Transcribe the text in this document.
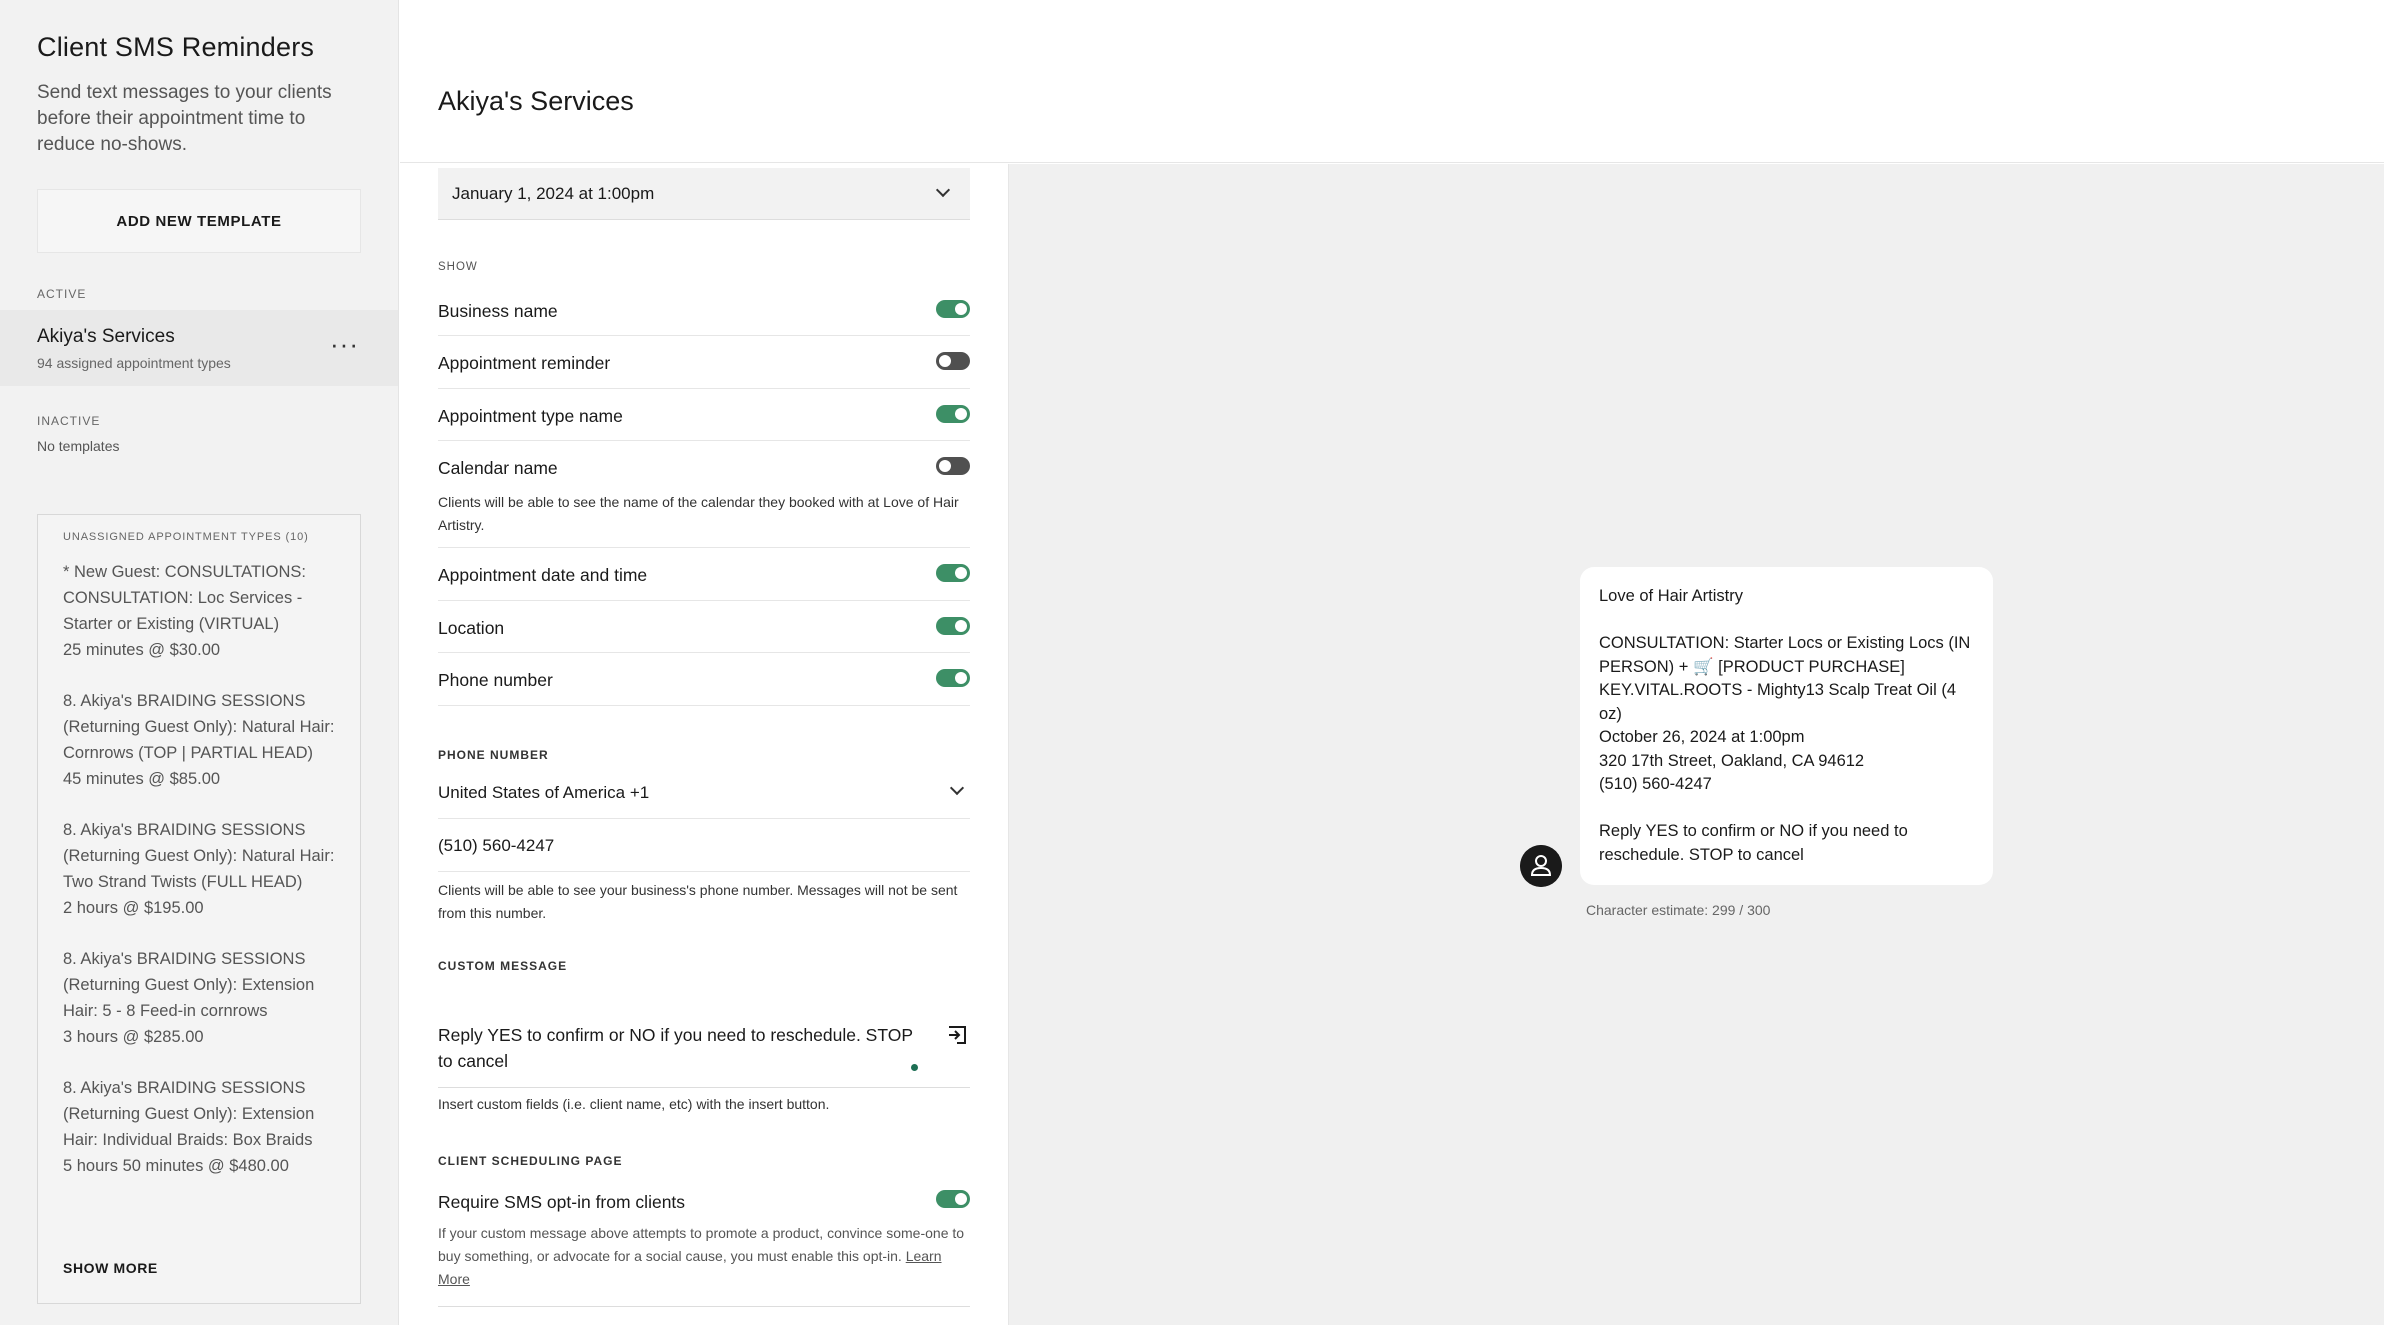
Client SMS Reminders
Send text messages to your clients before their appointment time to reduce no-shows.
ADD NEW TEMPLATE
ACTIVE
Akiya's Services
94 assigned appointment types
···
INACTIVE
No templates
UNASSIGNED APPOINTMENT TYPES (10)
* New Guest: CONSULTATIONS: CONSULTATION: Loc Services - Starter or Existing (VIRTUAL)
25 minutes @ $30.00
8. Akiya's BRAIDING SESSIONS (Returning Guest Only): Natural Hair: Cornrows (TOP | PARTIAL HEAD)
45 minutes @ $85.00
8. Akiya's BRAIDING SESSIONS (Returning Guest Only): Natural Hair: Two Strand Twists (FULL HEAD)
2 hours @ $195.00
8. Akiya's BRAIDING SESSIONS (Returning Guest Only): Extension Hair: 5 - 8 Feed-in cornrows
3 hours @ $285.00
8. Akiya's BRAIDING SESSIONS (Returning Guest Only): Extension Hair: Individual Braids: Box Braids
5 hours 50 minutes @ $480.00
SHOW MORE
Akiya's Services
January 1, 2024 at 1:00pm
SHOW
Business name
Appointment reminder
Appointment type name
Calendar name
Clients will be able to see the name of the calendar they booked with at Love of Hair Artistry.
Appointment date and time
Location
Phone number
PHONE NUMBER
United States of America +1
(510) 560-4247
Clients will be able to see your business's phone number. Messages will not be sent from this number.
CUSTOM MESSAGE
Reply YES to confirm or NO if you need to reschedule. STOP to cancel
Insert custom fields (i.e. client name, etc) with the insert button.
CLIENT SCHEDULING PAGE
Require SMS opt-in from clients
If your custom message above attempts to promote a product, convince some-one to buy something, or advocate for a social cause, you must enable this opt-in. Learn More

Love of Hair Artistry

CONSULTATION: Starter Locs or Existing Locs (IN PERSON) + 🛒 [PRODUCT PURCHASE] KEY.VITAL.ROOTS - Mighty13 Scalp Treat Oil (4 oz)
October 26, 2024 at 1:00pm
320 17th Street, Oakland, CA 94612
(510) 560-4247

Reply YES to confirm or NO if you need to reschedule. STOP to cancel

Character estimate: 299 / 300
